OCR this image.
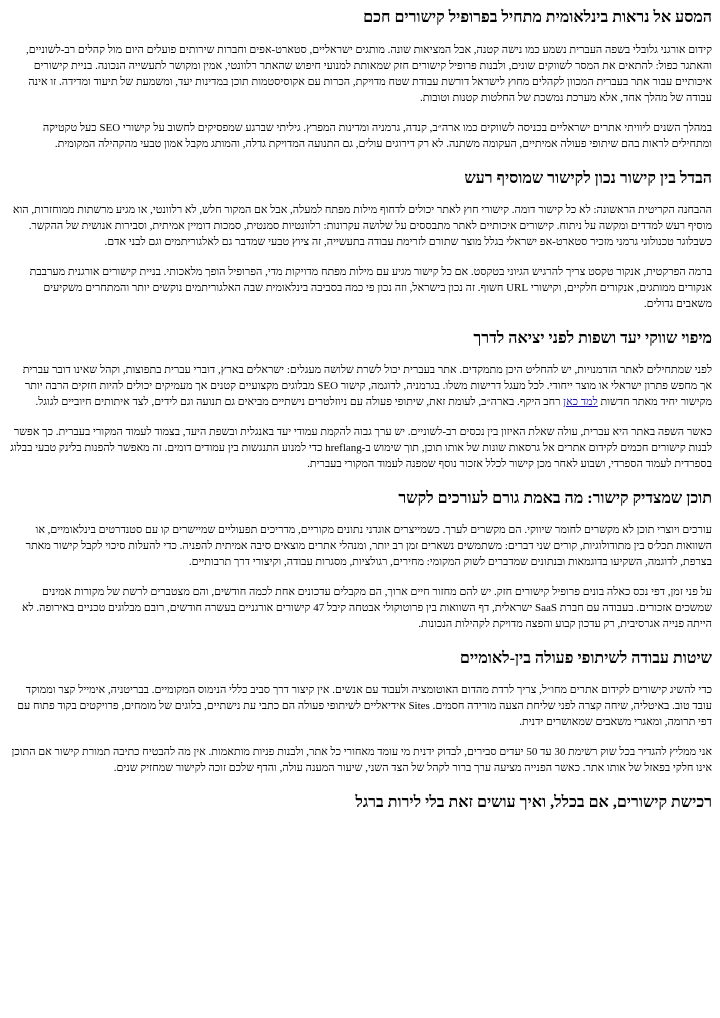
המסע אל נראות בינלאומית מתחיל בפרופיל קישורים חכם

קידום אורגני גלובלי בשפה העברית נשמע כמו נישה קטנה, אבל המציאות שונה. מותגים ישראליים, סטארט-אפים וחברות שירותים פועלים היום מול קהלים רב-לשוניים, והאתגר כפול: להתאים את המסר לשווקים שונים, ולבנות פרופיל קישורים חזק שמאותת למנועי חיפוש שהאתר רלוונטי, אמין ומקושר לתעשייה הנכונה. בניית קישורים איכותיים עבור אתר בעברית המכוון לקהלים מחוץ לישראל דורשת עבודת שטח מדויקת, הכרות עם אקוסיסטמות תוכן במדינות יעד, ומשמעת של תיעוד ומדידה. זו אינה עבודה של מהלך אחד, אלא מערכת נמשכת של החלטות קטנות וטובות.

במהלך השנים ליוויתי אתרים ישראליים בכניסה לשווקים כמו ארה״ב, קנדה, גרמניה ומדינות המפרץ. גיליתי שברגע שמפסיקים לחשוב על קישורי SEO כעל טקטיקה ומתחילים לראות בהם שיתופי פעולה אמיתיים, העקומה משתנה. לא רק דירוגים עולים, גם התנועה המדויקת גדלה, והמותג מקבל אמון טבעי מהקהילה המקומית.

הבדל בין קישור נכון לקישור שמוסיף רעש

ההבחנה הקריטית הראשונה: לא כל קישור דומה. קישורי חוץ לאתר יכולים לדחוף מילות מפתח למעלה, אבל אם המקור חלש, לא רלוונטי, או מגיע מרשתות ממוחזרות, הוא מוסיף רעש למדדים ומקשה על ניתוח. קישורים איכותיים לאתר מתבססים על שלושה עקרונות: רלוונטיות סמנטית, סמכות דומיין אמיתית, וסבירות אנושית של ההקשר. כשבלוגר טכנולוגי גרמני מזכיר סטארט-אפ ישראלי בגלל מוצר שתורם לזרימת עבודה בתעשייה, זה ציוץ טבעי שמדבר גם לאלגוריתמים וגם לבני אדם.

ברמה הפרקטית, אנקור טקסט צריך להרגיש הגיוני בטקסט. אם כל קישור מגיע עם מילות מפתח מדויקות מדי, הפרופיל הופך מלאכותי. בניית קישורים אורגנית מערבבת אנקורים ממותגים, אנקורים חלקיים, וקישורי URL חשוף. זה נכון בישראל, וזה נכון פי כמה בסביבה בינלאומית שבה האלגוריתמים נוקשים יותר והמתחרים משקיעים משאבים גדולים.

מיפוי שווקי יעד ושפות לפני יציאה לדרך

לפני שמתחילים לאתר הזדמנויות, יש להחליט היכן מתמקדים. אתר בעברית יכול לשרת שלושה מעגלים: ישראלים בארץ, דוברי עברית בתפוצות, וקהל שאינו דובר עברית אך מחפש פתרון ישראלי או מוצר ייחודי. לכל מעגל דרישות משלו. בגרמניה, לדוגמה, קישור SEO מבלוגים מקצועיים קטנים אך מעמיקים יכולים להיות חזקים הרבה יותר מקישור יחיד מאתר חדשות למד כאן רחב היקף. בארה״ב, לעומת זאת, שיתופי פעולה עם ניוזלטרים נישתיים מביאים גם תנועה וגם לידים, לצד איתותים חיוביים לגוגל.

כאשר השפה באתר היא עברית, עולה שאלת האיזון בין נכסים רב-לשוניים. יש ערך גבוה להקמת עמודי יעד באנגלית ובשפת היעד, בצמוד לעמוד המקורי בעברית. כך אפשר לבנות קישורים חכמים לקידום אתרים אל גרסאות שונות של אותו תוכן, תוך שימוש ב-hreflang כדי למנוע התנגשות בין עמודים דומים. זה מאפשר להפנות בלינק טבעי בבלוג בספרדית לעמוד הספרדי, ושבוע לאחר מכן קישור לכלל אזכור נוסף שמפנה לעמוד המקורי בעברית.

תוכן שמצדיק קישור: מה באמת גורם לעורכים לקשר

עורכים ויוצרי תוכן לא מקשרים לחומר שיווקי. הם מקשרים לערך. כשמייצרים אוגדני נתונים מקוריים, מדריכים תפעוליים שמיישרים קו עם סטנדרטים בינלאומיים, או השוואות תכל׳ס בין מתודולוגיות, קורים שני דברים: משתמשים נשארים זמן רב יותר, ומנהלי אתרים מוצאים סיבה אמיתית להפניה. כדי להעלות סיכוי לקבל קישור מאתר בצרפת, לדוגמה, השקיעו בדוגמאות ובנתונים שמדברים לשוק המקומי: מחירים, רגולציות, מסגרות עבודה, וקיצורי דרך תרבותיים.

על פני זמן, דפי נכס כאלה בונים פרופיל קישורים חזק. יש להם מחזור חיים ארוך, הם מקבלים עדכונים אחת לכמה חודשים, והם מצטברים לרשת של מקורות אמינים שמשכים אזכורים. בעבודה עם חברת SaaS ישראלית, דף השוואות בין פרוטוקולי אבטחה קיבל 47 קישורים אורגניים בעשרה חודשים, רובם מבלוגים טכניים באירופה. לא הייתה פנייה אגרסיבית, רק עדכון קבוע והפצה מדויקת לקהילות הנכונות.

שיטות עבודה לשיתופי פעולה בין-לאומיים

כדי להשיג קישורים לקידום אתרים מחו״ל, צריך לרדת מהדום האוטומציה ולעבוד עם אנשים. אין קיצור דרך סביב כללי הנימוס המקומיים. בבריטניה, אימייל קצר וממוקד עובד טוב. באיטליה, שיחה קצרה לפני שליחת הצעה מורידה חסמים. Sites אידיאליים לשיתופי פעולה הם כתבי עת נישתיים, בלוגים של מומחים, פרויקטים בקוד פתוח עם דפי תרומה, ומאגרי משאבים שמאושרים ידנית.

אני ממליץ להגדיר בכל שוק רשימת 30 עד 50 יעדים סבירים, לבדוק ידנית מי עומד מאחורי כל אתר, ולבנות פניות מותאמות. אין מה להבטיח כתיבה תמורת קישור אם התוכן אינו חלקי בפאזל של אותו אתר. כאשר הפנייה מציעה ערך ברור לקהל של הצד השני, שיעור המענה עולה, והדף שלכם זוכה לקישור שמחזיק שנים.

רכישת קישורים, אם בכלל, ואיך עושים זאת בלי לירות ברגל
